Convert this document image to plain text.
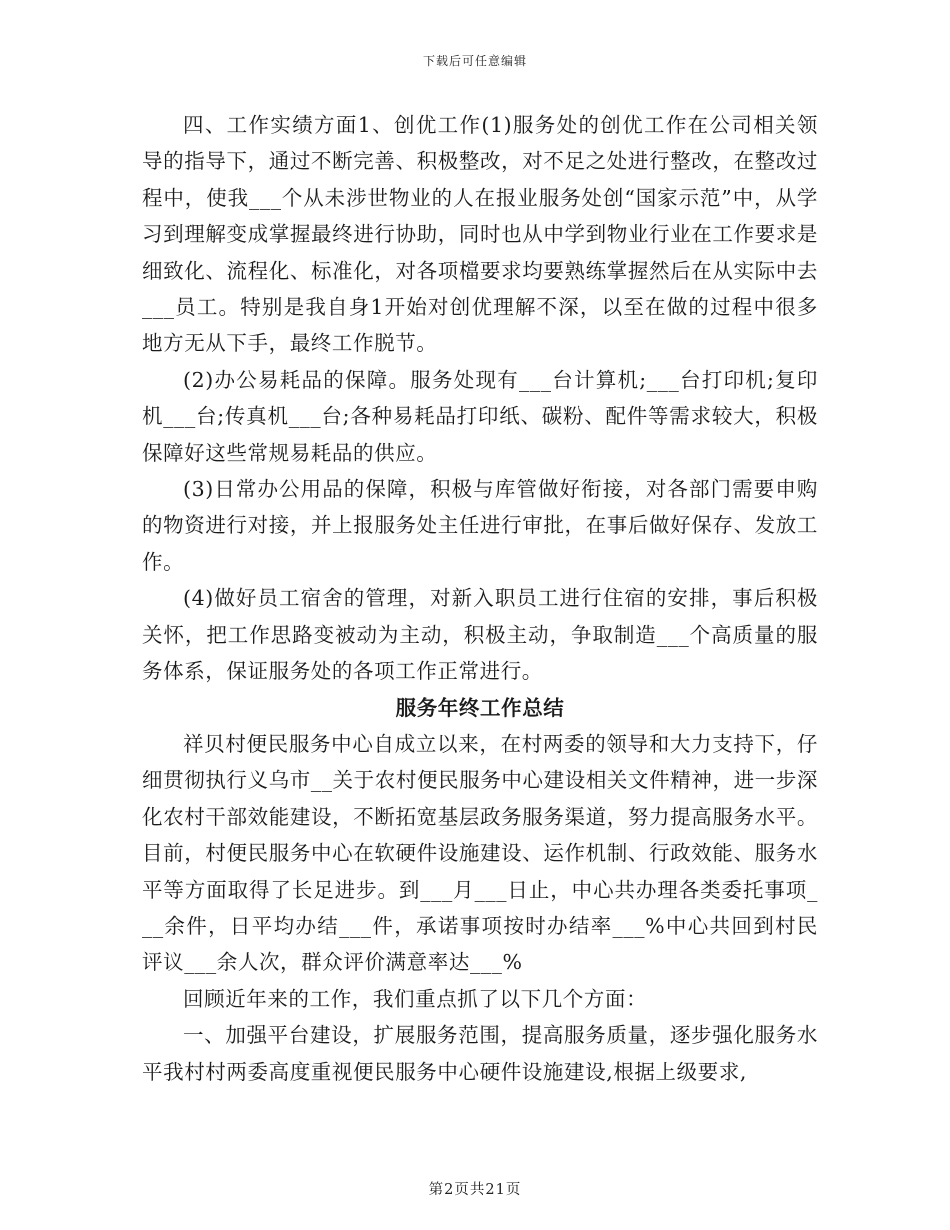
下载后可任意编辑

四、工作实绩方面1、创优工作(1)服务处的创优工作在公司相关领导的指导下，通过不断完善、积极整改，对不足之处进行整改，在整改过程中，使我___个从未涉世物业的人在报业服务处创“国家示范”中，从学习到理解变成掌握最终进行协助，同时也从中学到物业行业在工作要求是细致化、流程化、标准化，对各项檔要求均要熟练掌握然后在从实际中去___员工。特别是我自身1开始对创优理解不深，以至在做的过程中很多地方无从下手，最终工作脱节。

(2)办公易耗品的保障。服务处现有___台计算机;___台打印机;复印机___台;传真机___台;各种易耗品打印纸、碳粉、配件等需求较大，积极保障好这些常规易耗品的供应。

(3)日常办公用品的保障，积极与库管做好衔接，对各部门需要申购的物资进行对接，并上报服务处主任进行审批，在事后做好保存、发放工作。

(4)做好员工宿舍的管理，对新入职员工进行住宿的安排，事后积极关怀，把工作思路变被动为主动，积极主动，争取制造___个高质量的服务体系，保证服务处的各项工作正常进行。

服务年终工作总结

祥贝村便民服务中心自成立以来，在村两委的领导和大力支持下，仔细贯彻执行义乌市__关于农村便民服务中心建设相关文件精神，进一步深化农村干部效能建设，不断拓宽基层政务服务渠道，努力提高服务水平。目前，村便民服务中心在软硬件设施建设、运作机制、行政效能、服务水平等方面取得了长足进步。到___月___日止，中心共办理各类委托事项___余件，日平均办结___件，承诺事项按时办结率___%中心共回到村民评议___余人次，群众评价满意率达___%

回顾近年来的工作，我们重点抓了以下几个方面：

一、加强平台建设，扩展服务范围，提高服务质量，逐步强化服务水平我村村两委高度重视便民服务中心硬件设施建设,根据上级要求,

第2页共21页
